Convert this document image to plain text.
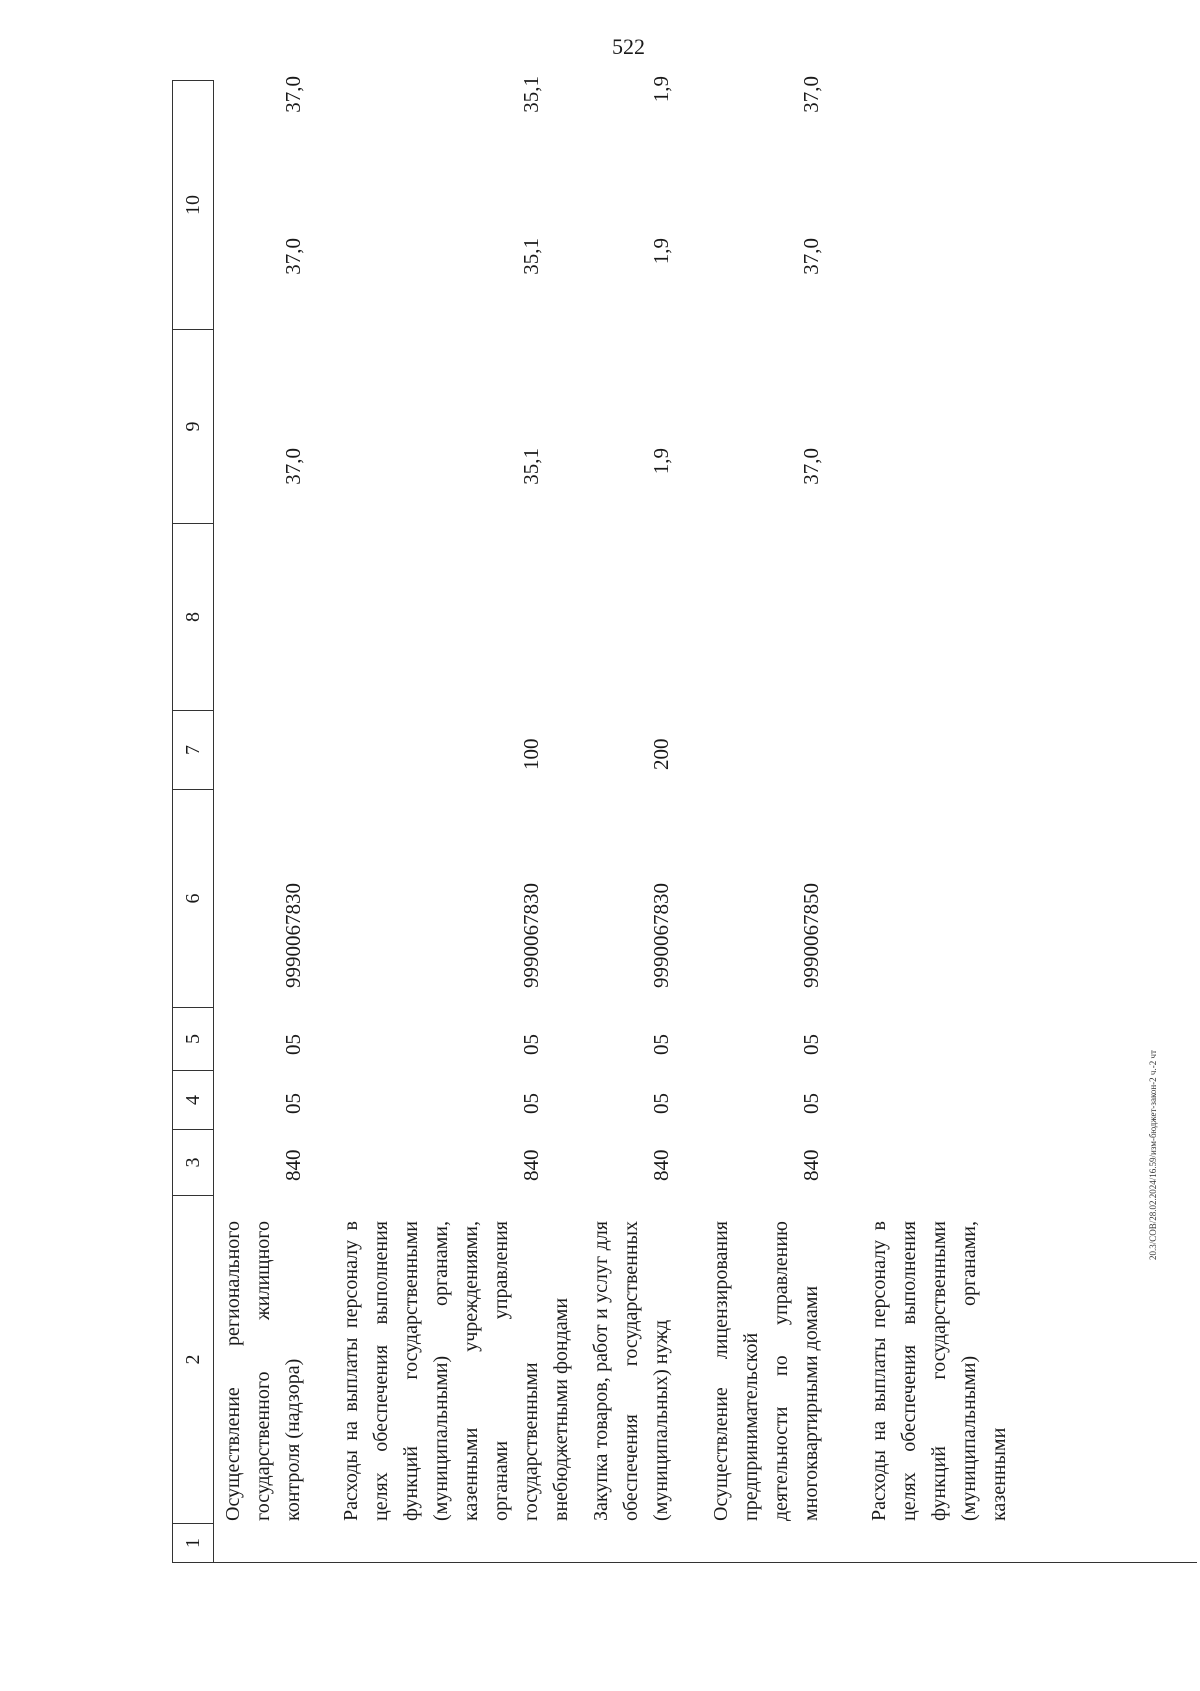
522
20.3/СОВ/28.02.2024/16.59/изм-бюджет-закон-2 ч.-2 чт
1
2
3
4
5
6
7
8
9
10
Осуществление регионального государственного жилищного контроля (надзора)
840
05
05
9990067830
37,0
37,0
37,0
Расходы на выплаты персоналу в целях обеспечения выполнения функций государственными (муниципальными) органами, казенными учреждениями, органами управления государственными внебюджетными фондами
840
05
05
9990067830
100
35,1
35,1
35,1
Закупка товаров, работ и услуг для обеспечения государственных (муниципальных) нужд
840
05
05
9990067830
200
1,9
1,9
1,9
Осуществление лицензирования предпринимательской деятельности по управлению многоквартирными домами
840
05
05
9990067850
37,0
37,0
37,0
Расходы на выплаты персоналу в целях обеспечения выполнения функций государственными (муниципальными) органами, казенными
